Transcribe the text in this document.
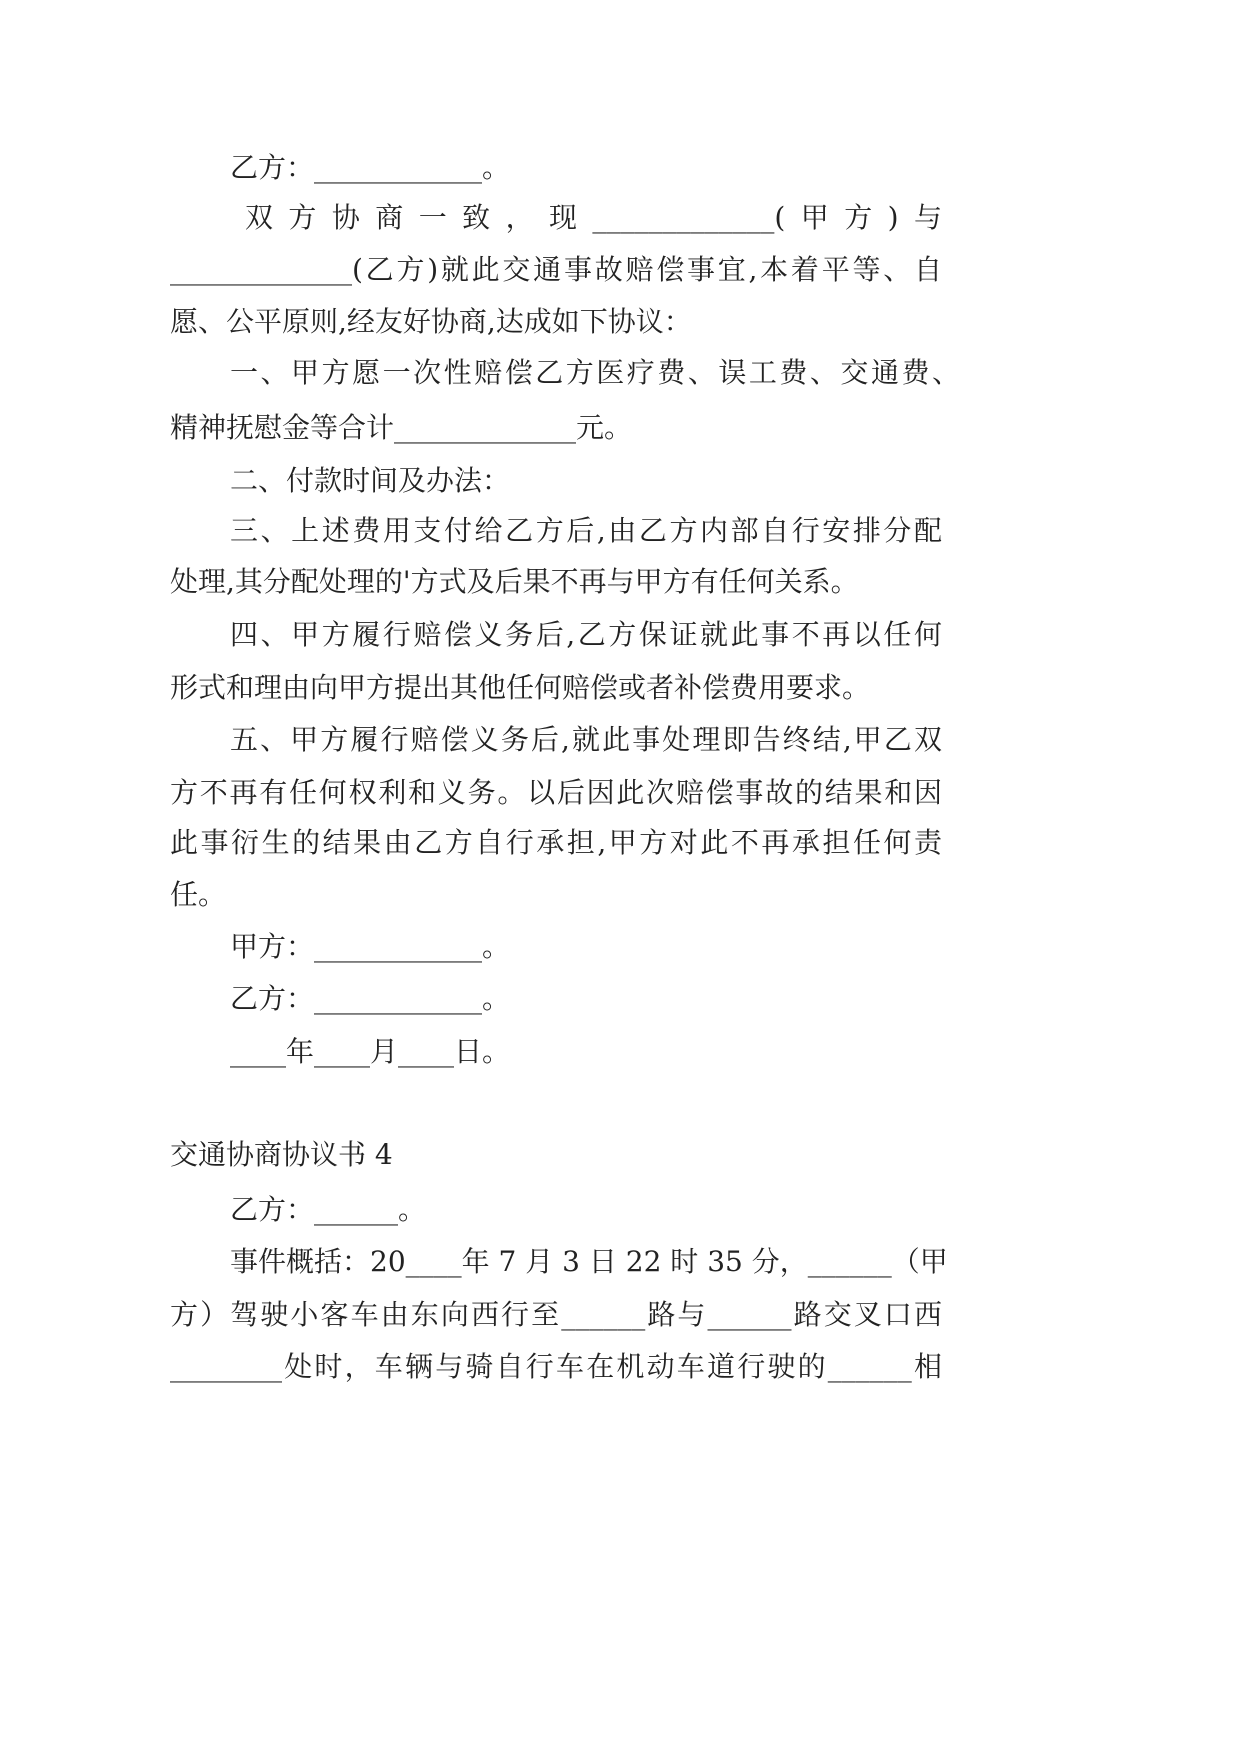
乙方：____________。
双方协商一致，现_____________(甲方)与
_____________(乙方)就此交通事故赔偿事宜,本着平等、自
愿、公平原则,经友好协商,达成如下协议：
一、甲方愿一次性赔偿乙方医疗费、误工费、交通费、
精神抚慰金等合计_____________元。
二、付款时间及办法：
三、上述费用支付给乙方后,由乙方内部自行安排分配
处理,其分配处理的'方式及后果不再与甲方有任何关系。
四、甲方履行赔偿义务后,乙方保证就此事不再以任何
形式和理由向甲方提出其他任何赔偿或者补偿费用要求。
五、甲方履行赔偿义务后,就此事处理即告终结,甲乙双
方不再有任何权利和义务。以后因此次赔偿事故的结果和因
此事衍生的结果由乙方自行承担,甲方对此不再承担任何责
任。
甲方：____________。
乙方：____________。
____年____月____日。
交通协商协议书 4
乙方：______。
事件概括：20____年 7 月 3 日 22 时 35 分，______（甲
方）驾驶小客车由东向西行至______路与______路交叉口西
________处时，车辆与骑自行车在机动车道行驶的______相
